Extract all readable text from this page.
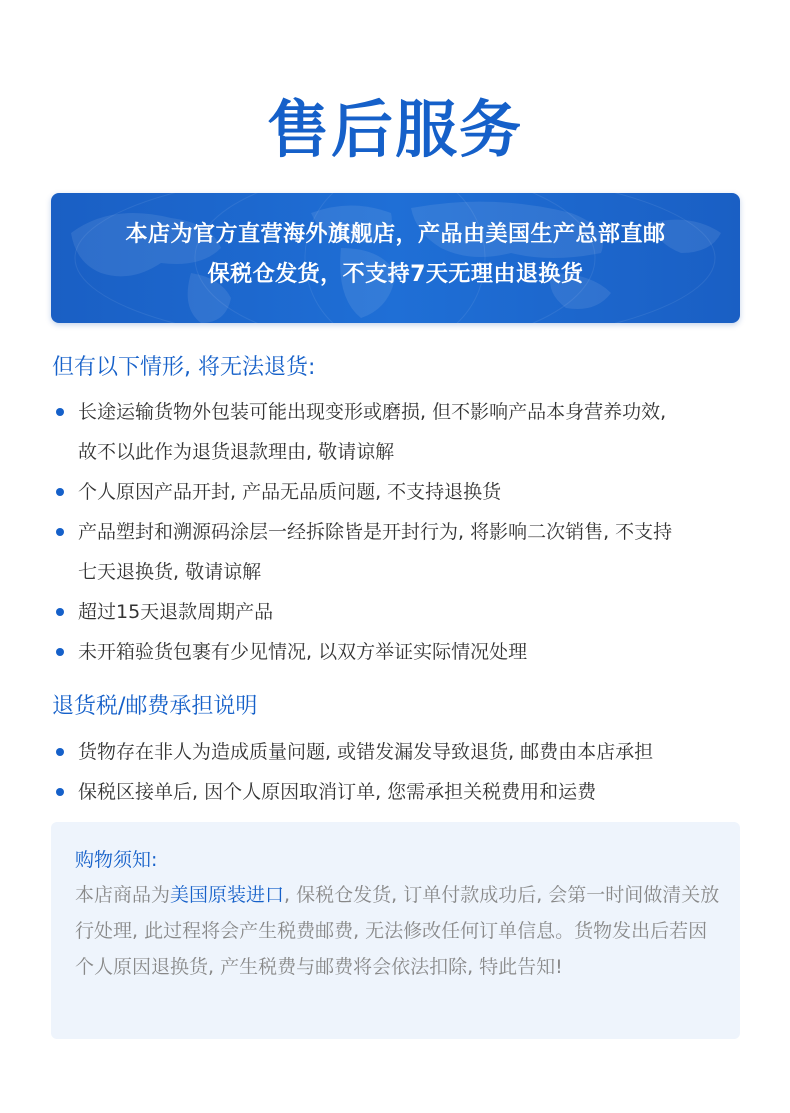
售后服务
本店为官方直营海外旗舰店，产品由美国生产总部直邮
保税仓发货，不支持7天无理由退换货
但有以下情形, 将无法退货:
长途运输货物外包装可能出现变形或磨损, 但不影响产品本身营养功效,
故不以此作为退货退款理由, 敬请谅解
个人原因产品开封, 产品无品质问题, 不支持退换货
产品塑封和溯源码涂层一经拆除皆是开封行为, 将影响二次销售, 不支持
七天退换货, 敬请谅解
超过15天退款周期产品
未开箱验货包裹有少见情况, 以双方举证实际情况处理
退货税/邮费承担说明
货物存在非人为造成质量问题, 或错发漏发导致退货, 邮费由本店承担
保税区接单后, 因个人原因取消订单, 您需承担关税费用和运费
购物须知:
本店商品为美国原装进口, 保税仓发货, 订单付款成功后, 会第一时间做清关放行处理, 此过程将会产生税费邮费, 无法修改任何订单信息。货物发出后若因个人原因退换货, 产生税费与邮费将会依法扣除, 特此告知!
